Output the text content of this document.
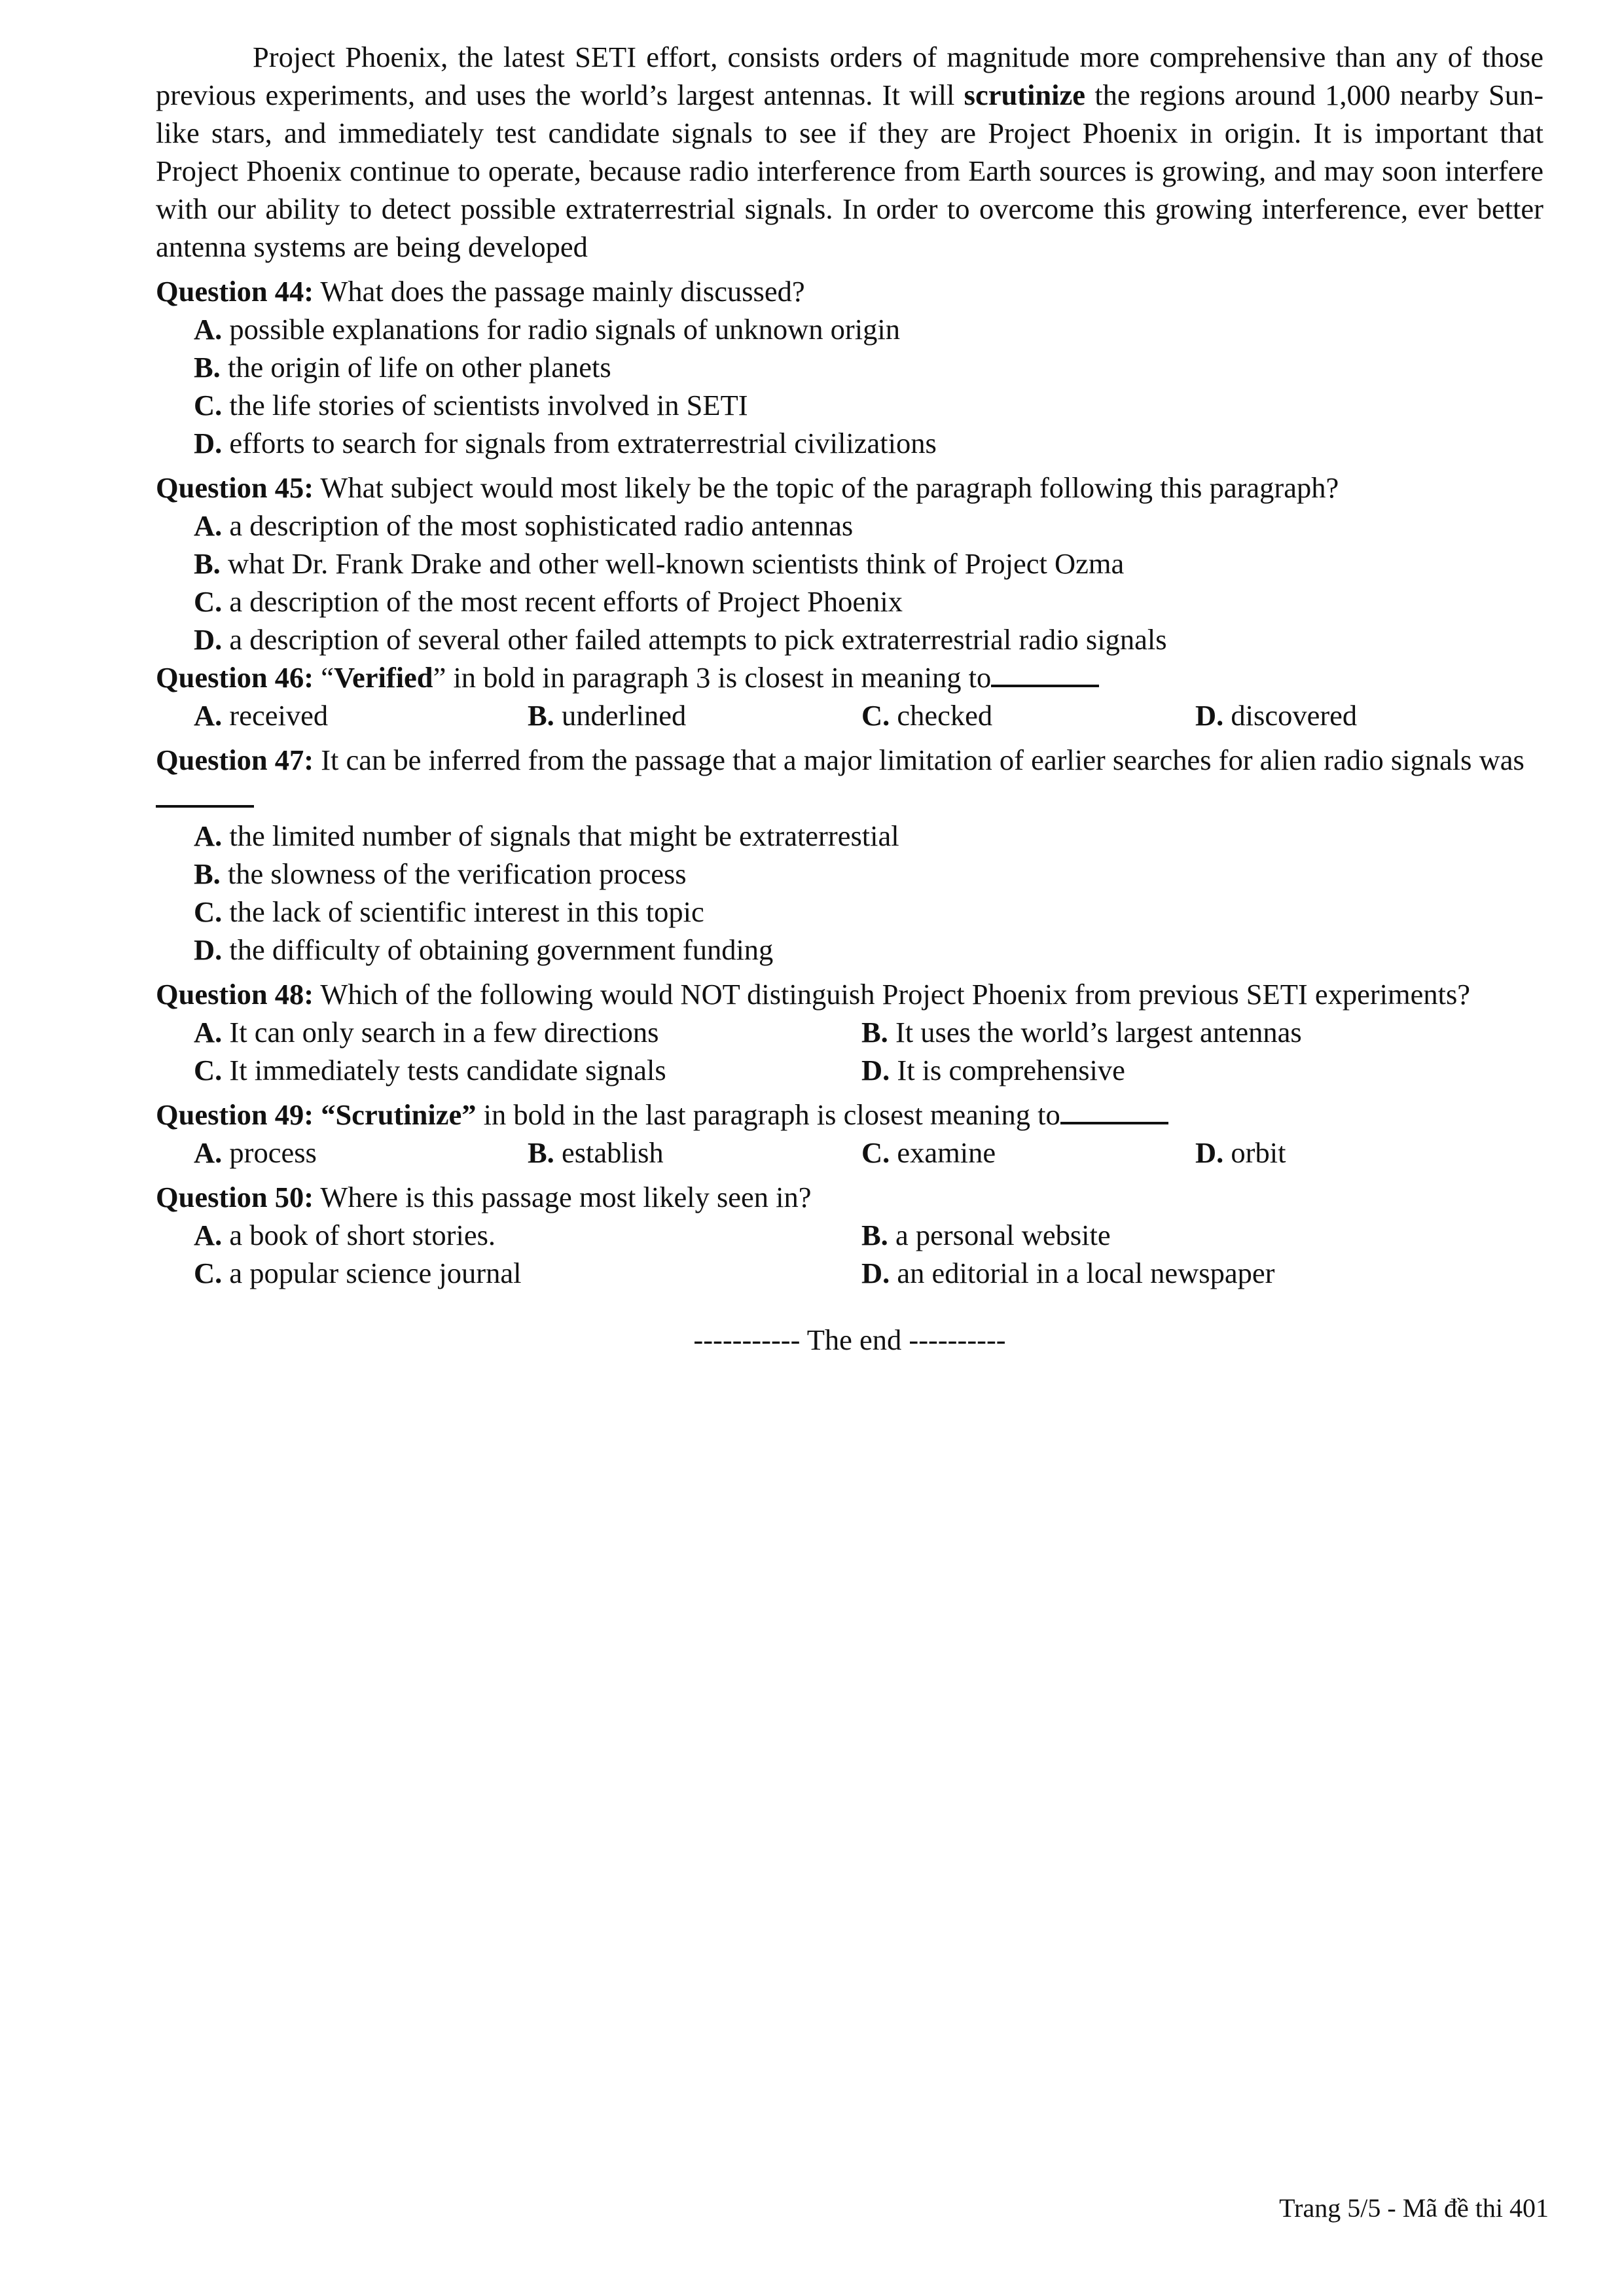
Project Phoenix, the latest SETI effort, consists orders of magnitude more comprehensive than any of those previous experiments, and uses the world’s largest antennas. It will scrutinize the regions around 1,000 nearby Sun-like stars, and immediately test candidate signals to see if they are Project Phoenix in origin. It is important that Project Phoenix continue to operate, because radio interference from Earth sources is growing, and may soon interfere with our ability to detect possible extraterrestrial signals. In order to overcome this growing interference, ever better antenna systems are being developed

Question 44: What does the passage mainly discussed?

A. possible explanations for radio signals of unknown origin

B. the origin of life on other planets

C. the life stories of scientists involved in SETI

D. efforts to search for signals from extraterrestrial civilizations

Question 45: What subject would most likely be the topic of the paragraph following this paragraph?

A. a description of the most sophisticated radio antennas

B. what Dr. Frank Drake and other well-known scientists think of Project Ozma

C. a description of the most recent efforts of Project Phoenix

D. a description of several other failed attempts to pick extraterrestrial radio signals

Question 46: “Verified” in bold in paragraph 3 is closest in meaning to

A. received	B. underlined	C. checked	D. discovered

Question 47: It can be inferred from the passage that a major limitation of earlier searches for alien radio signals was

A. the limited number of signals that might be extraterrestial

B. the slowness of the verification process

C. the lack of scientific interest in this topic

D. the difficulty of obtaining government funding

Question 48: Which of the following would NOT distinguish Project Phoenix from previous SETI experiments?

A. It can only search in a few directions	B. It uses the world’s largest antennas
C. It immediately tests candidate signals	D. It is comprehensive

Question 49: “Scrutinize” in bold in the last paragraph is closest meaning to

A. process	B. establish	C. examine	D. orbit

Question 50: Where is this passage most likely seen in?

A. a book of short stories.	B. a personal website
C. a popular science journal	D. an editorial in a local newspaper

----------- The end ----------

Trang 5/5 - Mã đề thi 401
